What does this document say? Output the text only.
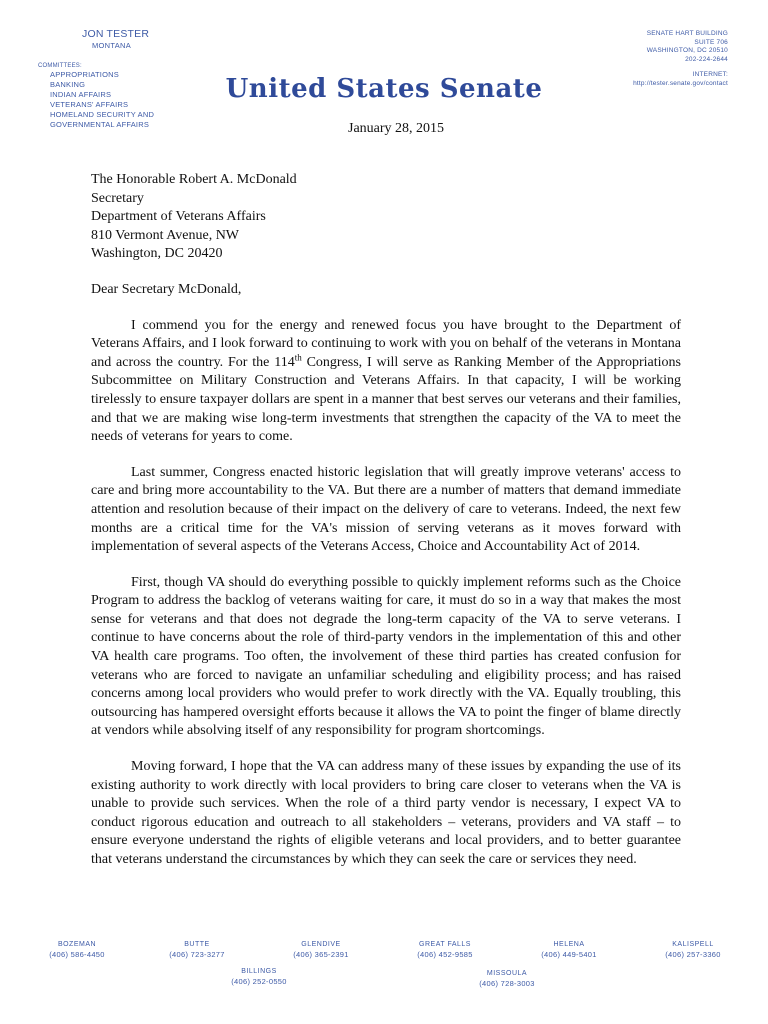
JON TESTER
MONTANA
COMMITTEES:
APPROPRIATIONS
BANKING
INDIAN AFFAIRS
VETERANS' AFFAIRS
HOMELAND SECURITY AND
GOVERNMENTAL AFFAIRS
SENATE HART BUILDING
SUITE 706
WASHINGTON, DC 20510
202-224-2644
INTERNET:
http://tester.senate.gov/contact
United States Senate
January 28, 2015
The Honorable Robert A. McDonald
Secretary
Department of Veterans Affairs
810 Vermont Avenue, NW
Washington, DC 20420
Dear Secretary McDonald,
I commend you for the energy and renewed focus you have brought to the Department of Veterans Affairs, and I look forward to continuing to work with you on behalf of the veterans in Montana and across the country. For the 114th Congress, I will serve as Ranking Member of the Appropriations Subcommittee on Military Construction and Veterans Affairs. In that capacity, I will be working tirelessly to ensure taxpayer dollars are spent in a manner that best serves our veterans and their families, and that we are making wise long-term investments that strengthen the capacity of the VA to meet the needs of veterans for years to come.
Last summer, Congress enacted historic legislation that will greatly improve veterans' access to care and bring more accountability to the VA. But there are a number of matters that demand immediate attention and resolution because of their impact on the delivery of care to veterans. Indeed, the next few months are a critical time for the VA's mission of serving veterans as it moves forward with implementation of several aspects of the Veterans Access, Choice and Accountability Act of 2014.
First, though VA should do everything possible to quickly implement reforms such as the Choice Program to address the backlog of veterans waiting for care, it must do so in a way that makes the most sense for veterans and that does not degrade the long-term capacity of the VA to serve veterans. I continue to have concerns about the role of third-party vendors in the implementation of this and other VA health care programs. Too often, the involvement of these third parties has created confusion for veterans who are forced to navigate an unfamiliar scheduling and eligibility process; and has raised concerns among local providers who would prefer to work directly with the VA. Equally troubling, this outsourcing has hampered oversight efforts because it allows the VA to point the finger of blame directly at vendors while absolving itself of any responsibility for program shortcomings.
Moving forward, I hope that the VA can address many of these issues by expanding the use of its existing authority to work directly with local providers to bring care closer to veterans when the VA is unable to provide such services. When the role of a third party vendor is necessary, I expect VA to conduct rigorous education and outreach to all stakeholders – veterans, providers and VA staff – to ensure everyone understand the rights of eligible veterans and local providers, and to better guarantee that veterans understand the circumstances by which they can seek the care or services they need.
BOZEMAN
(406) 586-4450
BUTTE
(406) 723-3277
GLENDIVE
(406) 365-2391
GREAT FALLS
(406) 452-9585
HELENA
(406) 449-5401
KALISPELL
(406) 257-3360
BILLINGS
(406) 252-0550
MISSOULA
(406) 728-3003
